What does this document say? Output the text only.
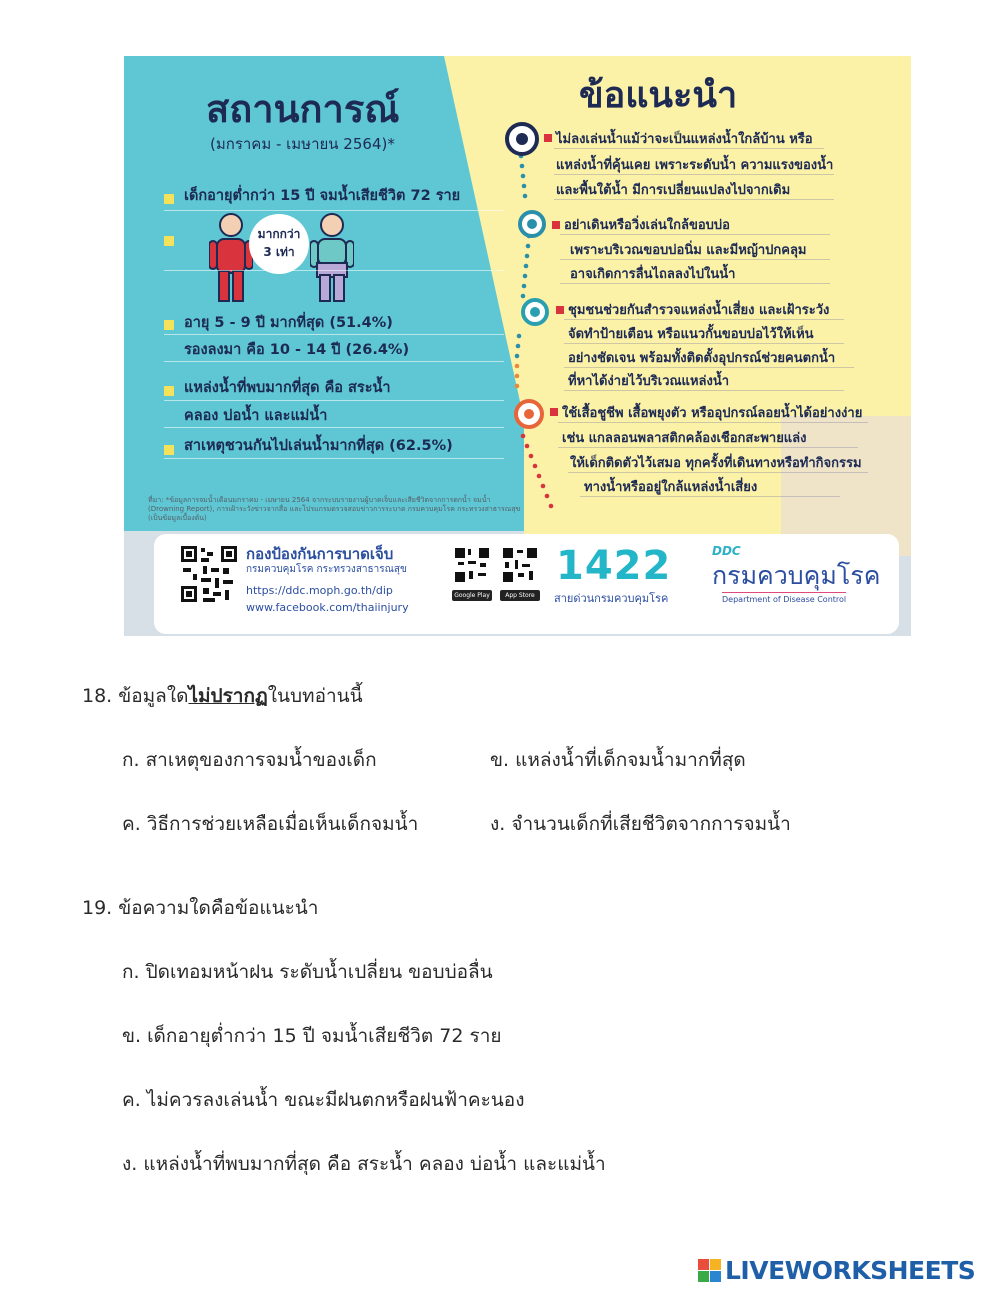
สถานการณ์
(มกราคม - เมษายน 2564)*
เด็กอายุต่ำกว่า 15 ปี จมน้ำเสียชีวิต 72 ราย
มากกว่า
3 เท่า
อายุ 5 - 9 ปี มากที่สุด (51.4%)
รองลงมา คือ 10 - 14 ปี (26.4%)
แหล่งน้ำที่พบมากที่สุด คือ สระน้ำ
คลอง บ่อน้ำ และแม่น้ำ
สาเหตุชวนกันไปเล่นน้ำมากที่สุด (62.5%)
ที่มา: *ข้อมูลการจมน้ำเดือนมกราคม - เมษายน 2564 จากระบบรายงานผู้บาดเจ็บและเสียชีวิตจากการตกน้ำ จมน้ำ (Drowning Report), การเฝ้าระวังข่าวจากสื่อ และโปรแกรมตรวจสอบข่าวการระบาด กรมควบคุมโรค กระทรวงสาธารณสุข (เป็นข้อมูลเบื้องต้น)
ข้อแนะนำ
ไม่ลงเล่นน้ำแม้ว่าจะเป็นแหล่งน้ำใกล้บ้าน หรือ
แหล่งน้ำที่คุ้นเคย เพราะระดับน้ำ ความแรงของน้ำ
และพื้นใต้น้ำ มีการเปลี่ยนแปลงไปจากเดิม
อย่าเดินหรือวิ่งเล่นใกล้ขอบบ่อ
เพราะบริเวณขอบบ่อนิ่ม และมีหญ้าปกคลุม
อาจเกิดการลื่นไถลลงไปในน้ำ
ชุมชนช่วยกันสำรวจแหล่งน้ำเสี่ยง และเฝ้าระวัง
จัดทำป้ายเตือน หรือแนวกั้นขอบบ่อไว้ให้เห็น
อย่างชัดเจน พร้อมทั้งติดตั้งอุปกรณ์ช่วยคนตกน้ำ
ที่หาได้ง่ายไว้บริเวณแหล่งน้ำ
ใช้เสื้อชูชีพ เสื้อพยุงตัว หรืออุปกรณ์ลอยน้ำได้อย่างง่าย
เช่น แกลลอนพลาสติกคล้องเชือกสะพายแล่ง
ให้เด็กติดตัวไว้เสมอ ทุกครั้งที่เดินทางหรือทำกิจกรรม
ทางน้ำหรืออยู่ใกล้แหล่งน้ำเสี่ยง
กองป้องกันการบาดเจ็บ
กรมควบคุมโรค กระทรวงสาธารณสุข
https://ddc.moph.go.th/dip
www.facebook.com/thaiinjury
Google Play	App Store
1422
สายด่วนกรมควบคุมโรค
DDC
กรมควบคุมโรค
Department of Disease Control
18. ข้อมูลใดไม่ปรากฏในบทอ่านนี้
ก. สาเหตุของการจมน้ำของเด็ก	ข. แหล่งน้ำที่เด็กจมน้ำมากที่สุด
ค. วิธีการช่วยเหลือเมื่อเห็นเด็กจมน้ำ	ง. จำนวนเด็กที่เสียชีวิตจากการจมน้ำ
19. ข้อความใดคือข้อแนะนำ
ก. ปิดเทอมหน้าฝน ระดับน้ำเปลี่ยน ขอบบ่อลื่น
ข. เด็กอายุต่ำกว่า 15 ปี จมน้ำเสียชีวิต 72 ราย
ค. ไม่ควรลงเล่นน้ำ ขณะมีฝนตกหรือฝนฟ้าคะนอง
ง. แหล่งน้ำที่พบมากที่สุด คือ สระน้ำ คลอง บ่อน้ำ และแม่น้ำ
LIVEWORKSHEETS
